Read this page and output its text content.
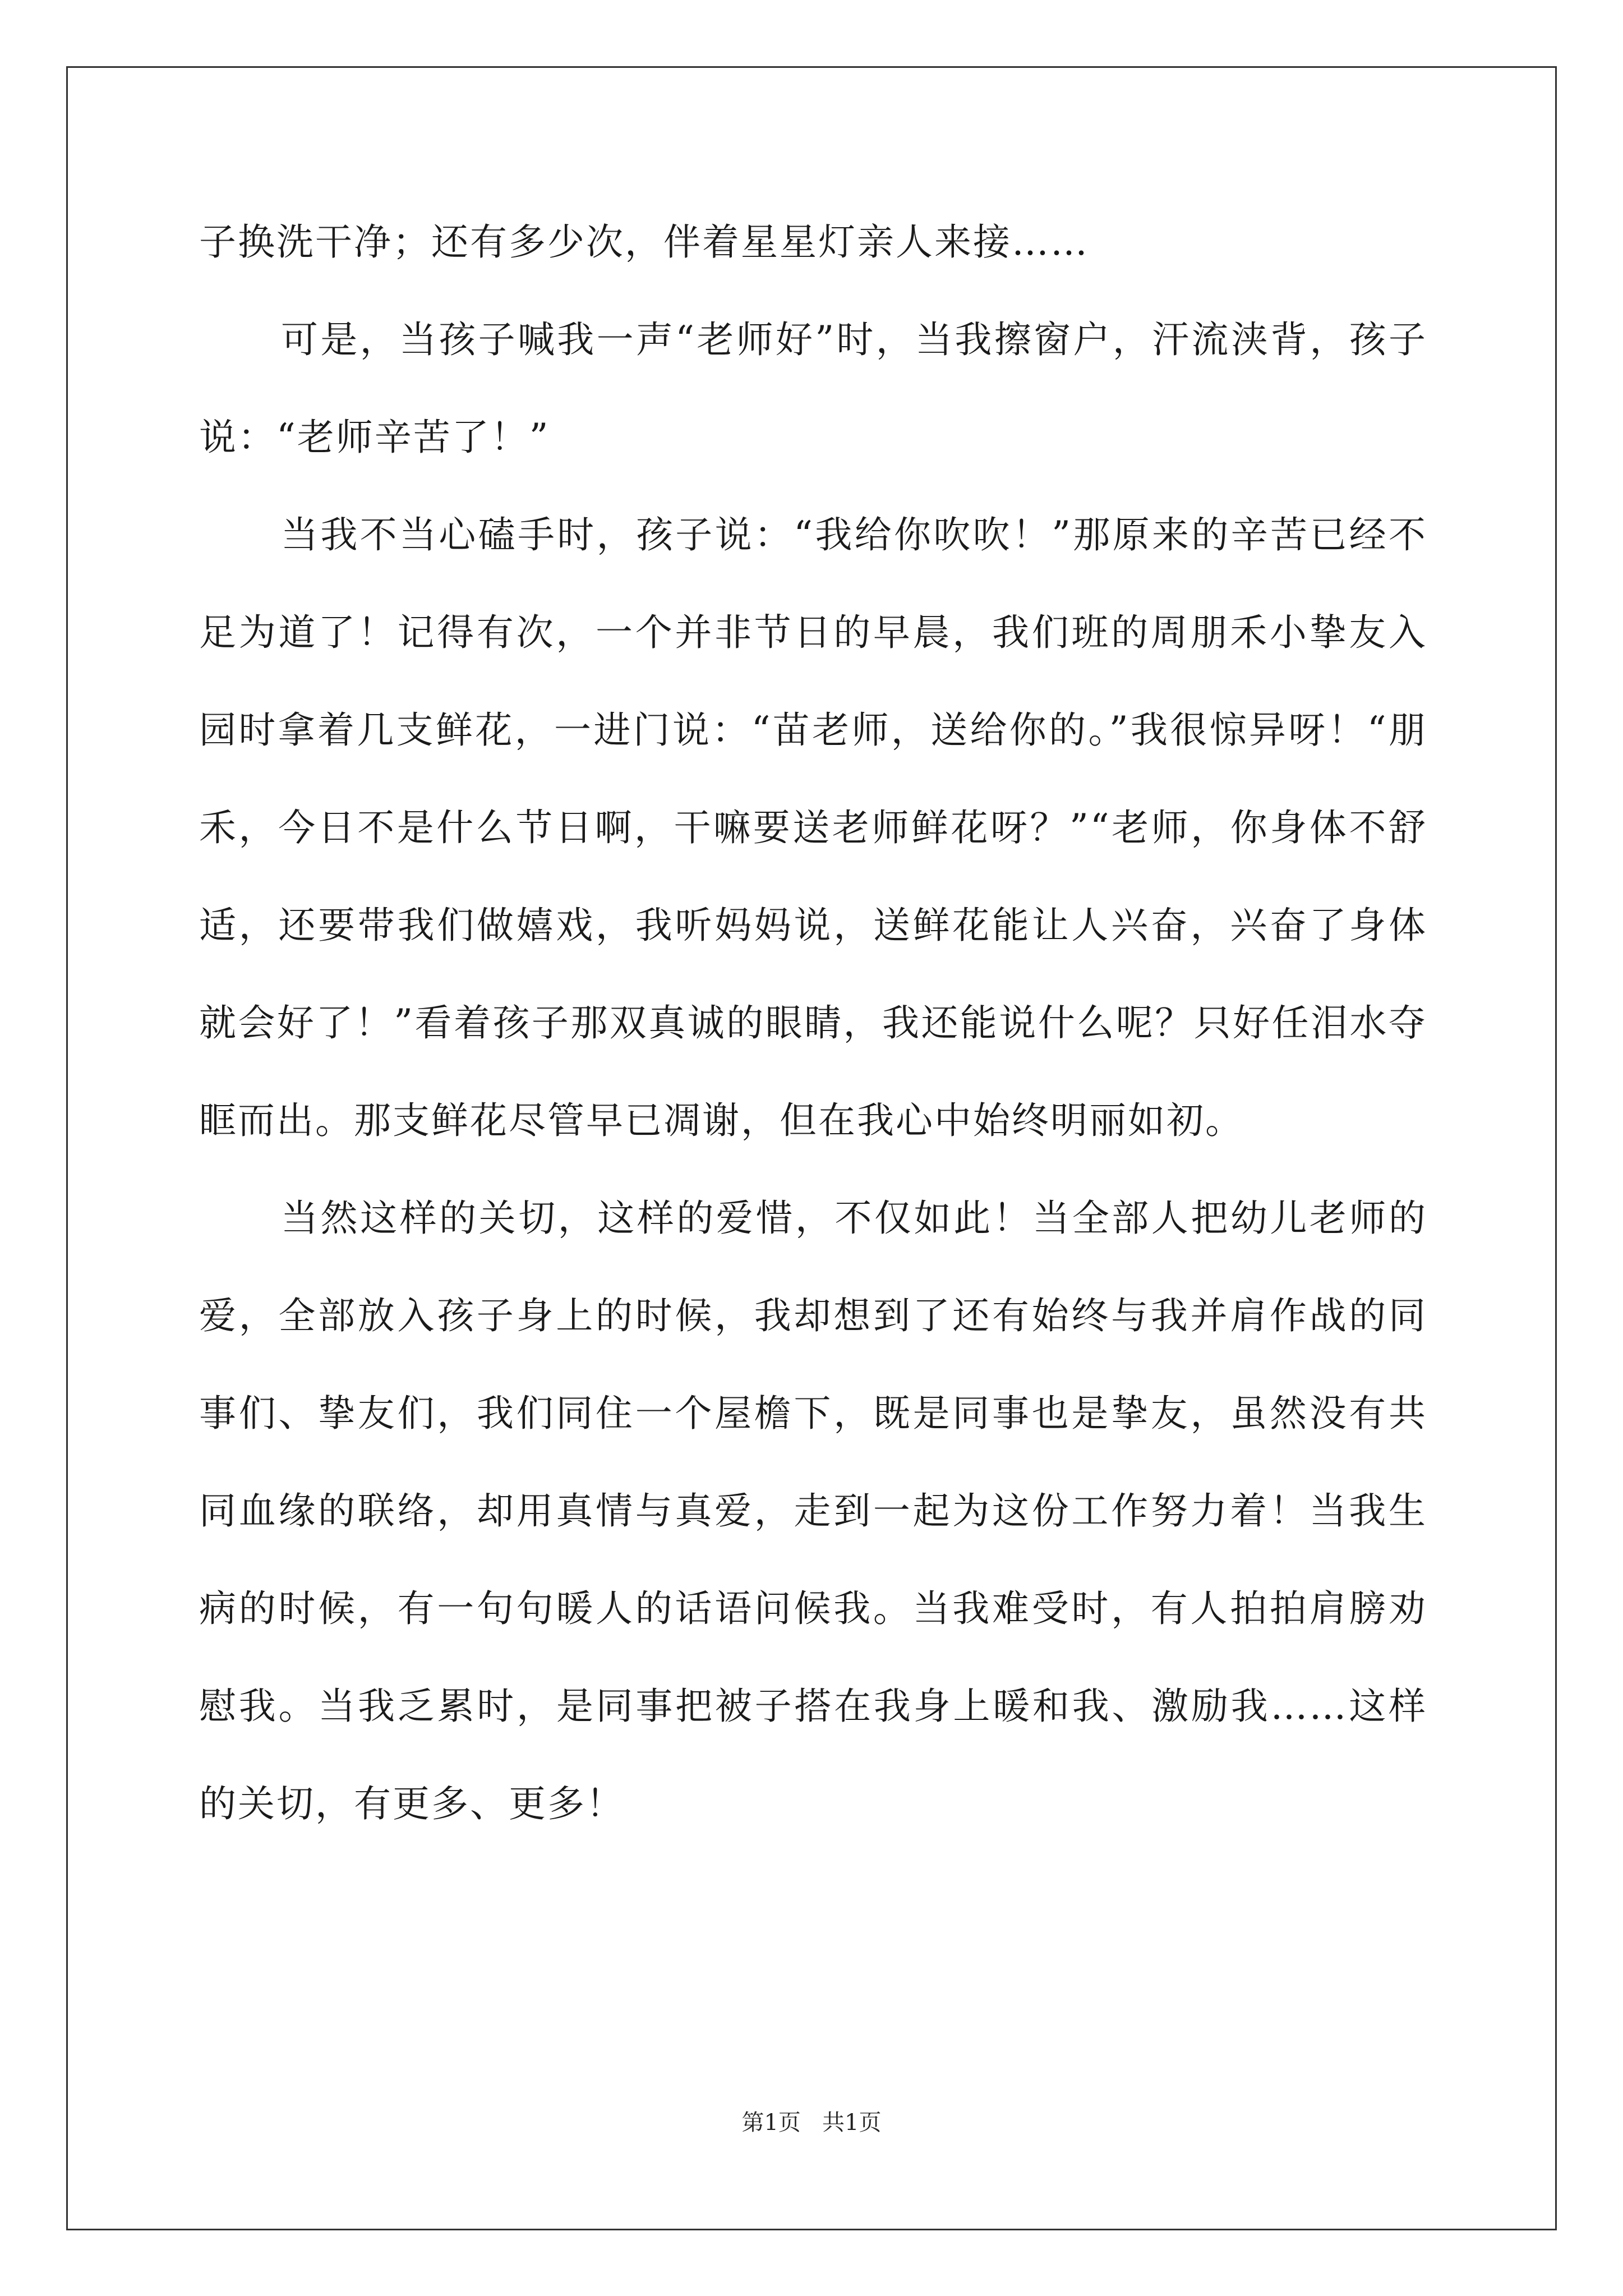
子换洗干净；还有多少次，伴着星星灯亲人来接……

可是，当孩子喊我一声“老师好”时，当我擦窗户，汗流浃背，孩子说：“老师辛苦了！”

当我不当心磕手时，孩子说：“我给你吹吹！”那原来的辛苦已经不足为道了！记得有次，一个并非节日的早晨，我们班的周朋禾小挚友入园时拿着几支鲜花，一进门说：“苗老师，送给你的。”我很惊异呀！“朋禾，今日不是什么节日啊，干嘛要送老师鲜花呀？”“老师，你身体不舒适，还要带我们做嬉戏，我听妈妈说，送鲜花能让人兴奋，兴奋了身体就会好了！”看着孩子那双真诚的眼睛，我还能说什么呢？只好任泪水夺眶而出。那支鲜花尽管早已凋谢，但在我心中始终明丽如初。

当然这样的关切，这样的爱惜，不仅如此！当全部人把幼儿老师的爱，全部放入孩子身上的时候，我却想到了还有始终与我并肩作战的同事们、挚友们，我们同住一个屋檐下，既是同事也是挚友，虽然没有共同血缘的联络，却用真情与真爱，走到一起为这份工作努力着！当我生病的时候，有一句句暖人的话语问候我。当我难受时，有人拍拍肩膀劝慰我。当我乏累时，是同事把被子搭在我身上暖和我、激励我……这样的关切，有更多、更多！

第1页   共1页
